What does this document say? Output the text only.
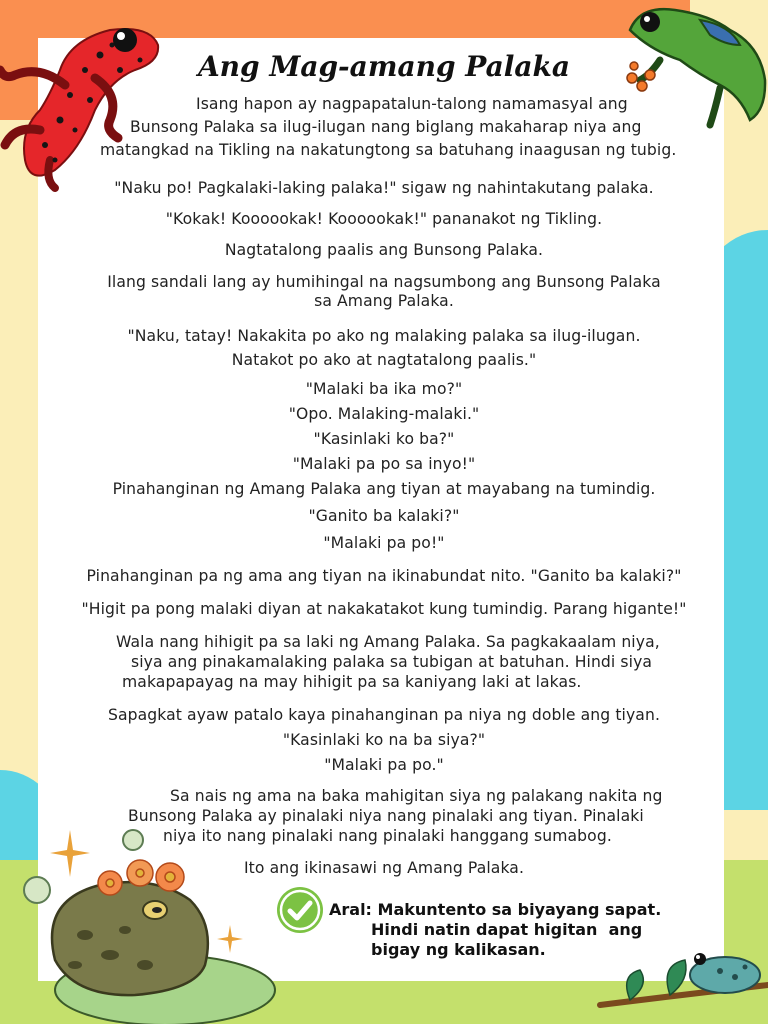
Ang Mag-amang Palaka
Isang hapon ay nagpapatalun-talong namamasyal ang
Bunsong Palaka sa ilug-ilugan nang biglang makaharap niya ang
matangkad na Tikling na nakatungtong sa batuhang inaagusan ng tubig.
"Naku po! Pagkalaki-laking palaka!" sigaw ng nahintakutang palaka.
"Kokak! Koooookak! Koooookak!" pananakot ng Tikling.
Nagtatalong paalis ang Bunsong Palaka.
Ilang sandali lang ay humihingal na nagsumbong ang Bunsong Palaka
sa Amang Palaka.
"Naku, tatay! Nakakita po ako ng malaking palaka sa ilug-ilugan.
Natakot po ako at nagtatalong paalis."
"Malaki ba ika mo?"
"Opo. Malaking-malaki."
"Kasinlaki ko ba?"
"Malaki pa po sa inyo!"
Pinahanginan ng Amang Palaka ang tiyan at mayabang na tumindig.
"Ganito ba kalaki?"
"Malaki pa po!"
Pinahanginan pa ng ama ang tiyan na ikinabundat nito. "Ganito ba kalaki?"
"Higit pa pong malaki diyan at nakakatakot kung tumindig. Parang higante!"
Wala nang hihigit pa sa laki ng Amang Palaka. Sa pagkakaalam niya,
siya ang pinakamalaking palaka sa tubigan at batuhan. Hindi siya
makapapayag na may hihigit pa sa kaniyang laki at lakas.
Sapagkat ayaw patalo kaya pinahanginan pa niya ng doble ang tiyan.
"Kasinlaki ko na ba siya?"
"Malaki pa po."
Sa nais ng ama na baka mahigitan siya ng palakang nakita ng
Bunsong Palaka ay pinalaki niya nang pinalaki ang tiyan. Pinalaki
niya ito nang pinalaki nang pinalaki hanggang sumabog.
Ito ang ikinasawi ng Amang Palaka.
Aral: Makuntento sa biyayang sapat.
Hindi natin dapat higitan  ang
bigay ng kalikasan.
